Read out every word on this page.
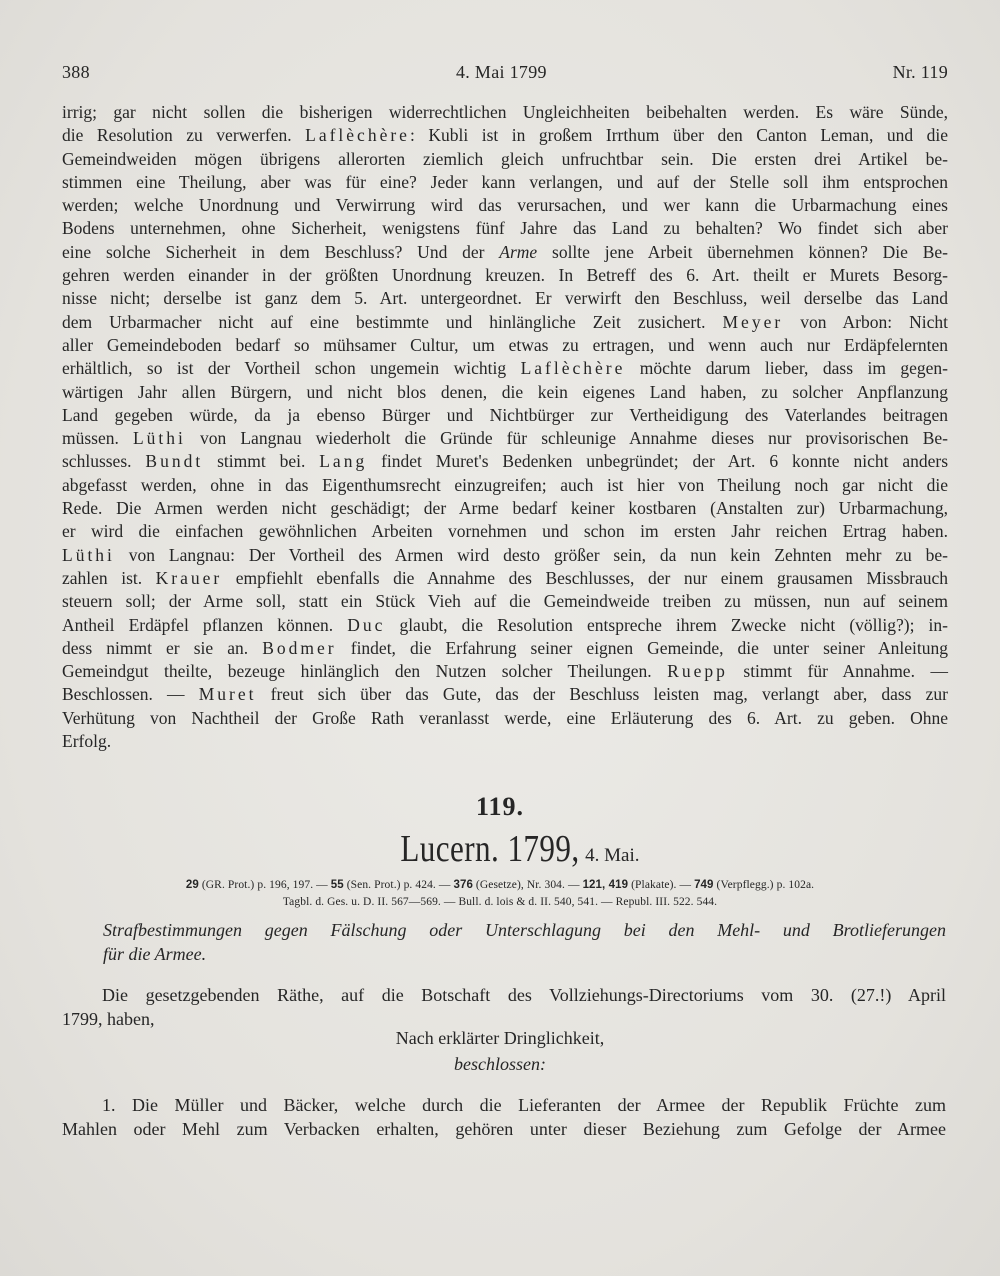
388	4. Mai 1799	Nr. 119
irrig; gar nicht sollen die bisherigen widerrechtlichen Ungleichheiten beibehalten werden. Es wäre Sünde,
die Resolution zu verwerfen. Laflèchère: Kubli ist in großem Irrthum über den Canton Leman, und die
Gemeindweiden mögen übrigens allerorten ziemlich gleich unfruchtbar sein. Die ersten drei Artikel be-
stimmen eine Theilung, aber was für eine? Jeder kann verlangen, und auf der Stelle soll ihm entsprochen
werden; welche Unordnung und Verwirrung wird das verursachen, und wer kann die Urbarmachung eines
Bodens unternehmen, ohne Sicherheit, wenigstens fünf Jahre das Land zu behalten? Wo findet sich aber
eine solche Sicherheit in dem Beschluss? Und der Arme sollte jene Arbeit übernehmen können? Die Be-
gehren werden einander in der größten Unordnung kreuzen. In Betreff des 6. Art. theilt er Murets Besorg-
nisse nicht; derselbe ist ganz dem 5. Art. untergeordnet. Er verwirft den Beschluss, weil derselbe das Land
dem Urbarmacher nicht auf eine bestimmte und hinlängliche Zeit zusichert. Meyer von Arbon: Nicht
aller Gemeindeboden bedarf so mühsamer Cultur, um etwas zu ertragen, und wenn auch nur Erdäpfelernten
erhältlich, so ist der Vortheil schon ungemein wichtig Laflèchère möchte darum lieber, dass im gegen-
wärtigen Jahr allen Bürgern, und nicht blos denen, die kein eigenes Land haben, zu solcher Anpflanzung
Land gegeben würde, da ja ebenso Bürger und Nichtbürger zur Vertheidigung des Vaterlandes beitragen
müssen. Lüthi von Langnau wiederholt die Gründe für schleunige Annahme dieses nur provisorischen Be-
schlusses. Bundt stimmt bei. Lang findet Muret's Bedenken unbegründet; der Art. 6 konnte nicht anders
abgefasst werden, ohne in das Eigenthumsrecht einzugreifen; auch ist hier von Theilung noch gar nicht die
Rede. Die Armen werden nicht geschädigt; der Arme bedarf keiner kostbaren (Anstalten zur) Urbarmachung,
er wird die einfachen gewöhnlichen Arbeiten vornehmen und schon im ersten Jahr reichen Ertrag haben.
Lüthi von Langnau: Der Vortheil des Armen wird desto größer sein, da nun kein Zehnten mehr zu be-
zahlen ist. Krauer empfiehlt ebenfalls die Annahme des Beschlusses, der nur einem grausamen Missbrauch
steuern soll; der Arme soll, statt ein Stück Vieh auf die Gemeindweide treiben zu müssen, nun auf seinem
Antheil Erdäpfel pflanzen können. Duc glaubt, die Resolution entspreche ihrem Zwecke nicht (völlig?); in-
dess nimmt er sie an. Bodmer findet, die Erfahrung seiner eignen Gemeinde, die unter seiner Anleitung
Gemeindgut theilte, bezeuge hinlänglich den Nutzen solcher Theilungen. Ruepp stimmt für Annahme. —
Beschlossen. — Muret freut sich über das Gute, das der Beschluss leisten mag, verlangt aber, dass zur
Verhütung von Nachtheil der Große Rath veranlasst werde, eine Erläuterung des 6. Art. zu geben. Ohne
Erfolg.
119.
Lucern. 1799, 4. Mai.
29 (GR. Prot.) p. 196, 197. — 55 (Sen. Prot.) p. 424. — 376 (Gesetze), Nr. 304. — 121, 419 (Plakate). — 749 (Verpflegg.) p. 102a.
Tagbl. d. Ges. u. D. II. 567—569. — Bull. d. lois & d. II. 540, 541. — Republ. III. 522. 544.
Strafbestimmungen gegen Fälschung oder Unterschlagung bei den Mehl- und Brotlieferungen
für die Armee.
Die gesetzgebenden Räthe, auf die Botschaft des Vollziehungs-Directoriums vom 30. (27.!) April
1799, haben,
Nach erklärter Dringlichkeit,
beschlossen:
1. Die Müller und Bäcker, welche durch die Lieferanten der Armee der Republik Früchte zum
Mahlen oder Mehl zum Verbacken erhalten, gehören unter dieser Beziehung zum Gefolge der Armee
